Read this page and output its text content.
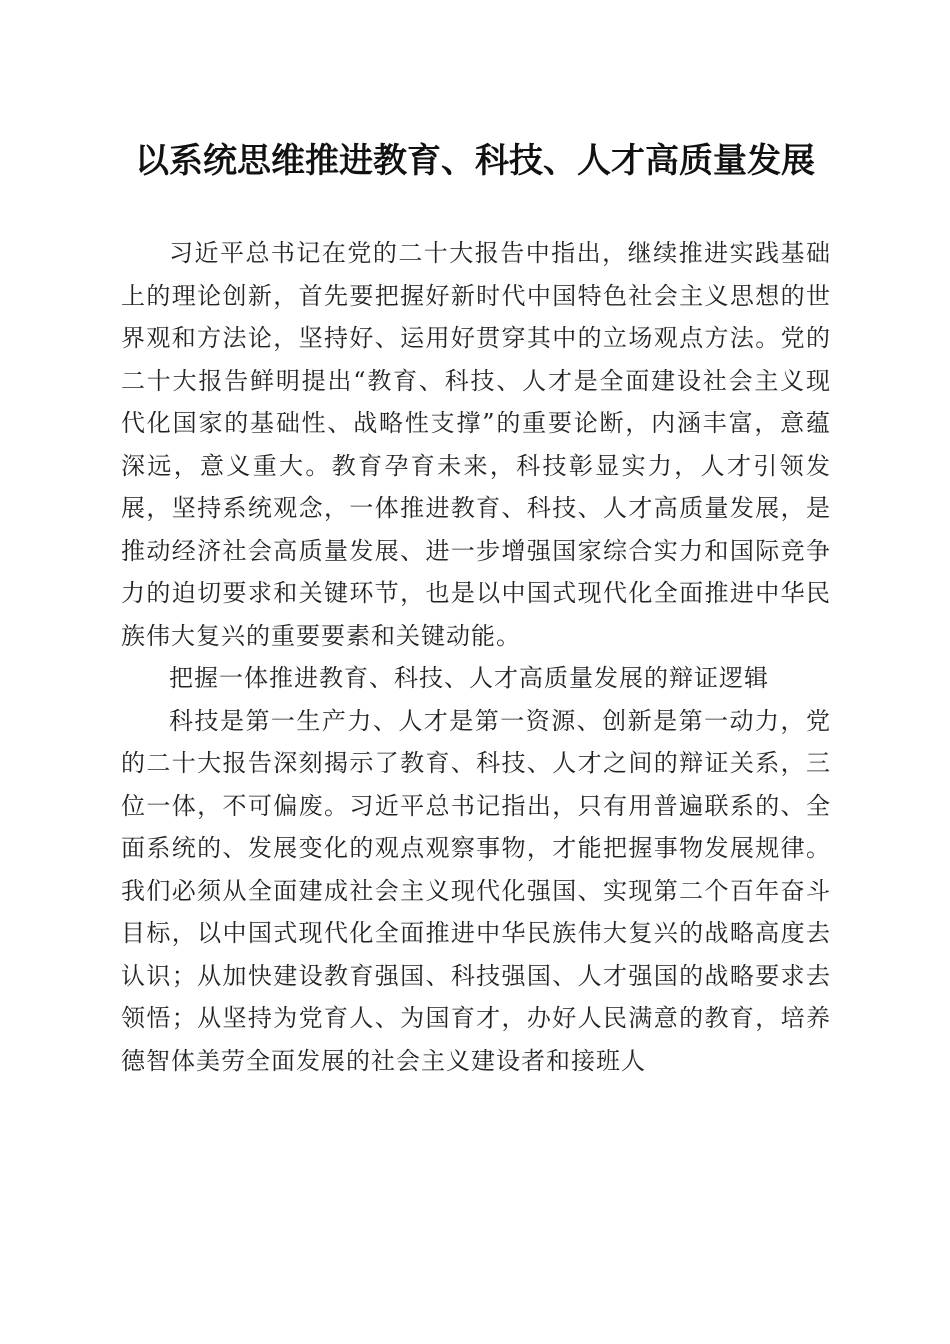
以系统思维推进教育、科技、人才高质量发展

习近平总书记在党的二十大报告中指出，继续推进实践基础上的理论创新，首先要把握好新时代中国特色社会主义思想的世界观和方法论，坚持好、运用好贯穿其中的立场观点方法。党的二十大报告鲜明提出“教育、科技、人才是全面建设社会主义现代化国家的基础性、战略性支撑”的重要论断，内涵丰富，意蕴深远，意义重大。教育孕育未来，科技彰显实力，人才引领发展，坚持系统观念，一体推进教育、科技、人才高质量发展，是推动经济社会高质量发展、进一步增强国家综合实力和国际竞争力的迫切要求和关键环节，也是以中国式现代化全面推进中华民族伟大复兴的重要要素和关键动能。

把握一体推进教育、科技、人才高质量发展的辩证逻辑

科技是第一生产力、人才是第一资源、创新是第一动力，党的二十大报告深刻揭示了教育、科技、人才之间的辩证关系，三位一体，不可偏废。习近平总书记指出，只有用普遍联系的、全面系统的、发展变化的观点观察事物，才能把握事物发展规律。我们必须从全面建成社会主义现代化强国、实现第二个百年奋斗目标，以中国式现代化全面推进中华民族伟大复兴的战略高度去认识；从加快建设教育强国、科技强国、人才强国的战略要求去领悟；从坚持为党育人、为国育才，办好人民满意的教育，培养德智体美劳全面发展的社会主义建设者和接班人
